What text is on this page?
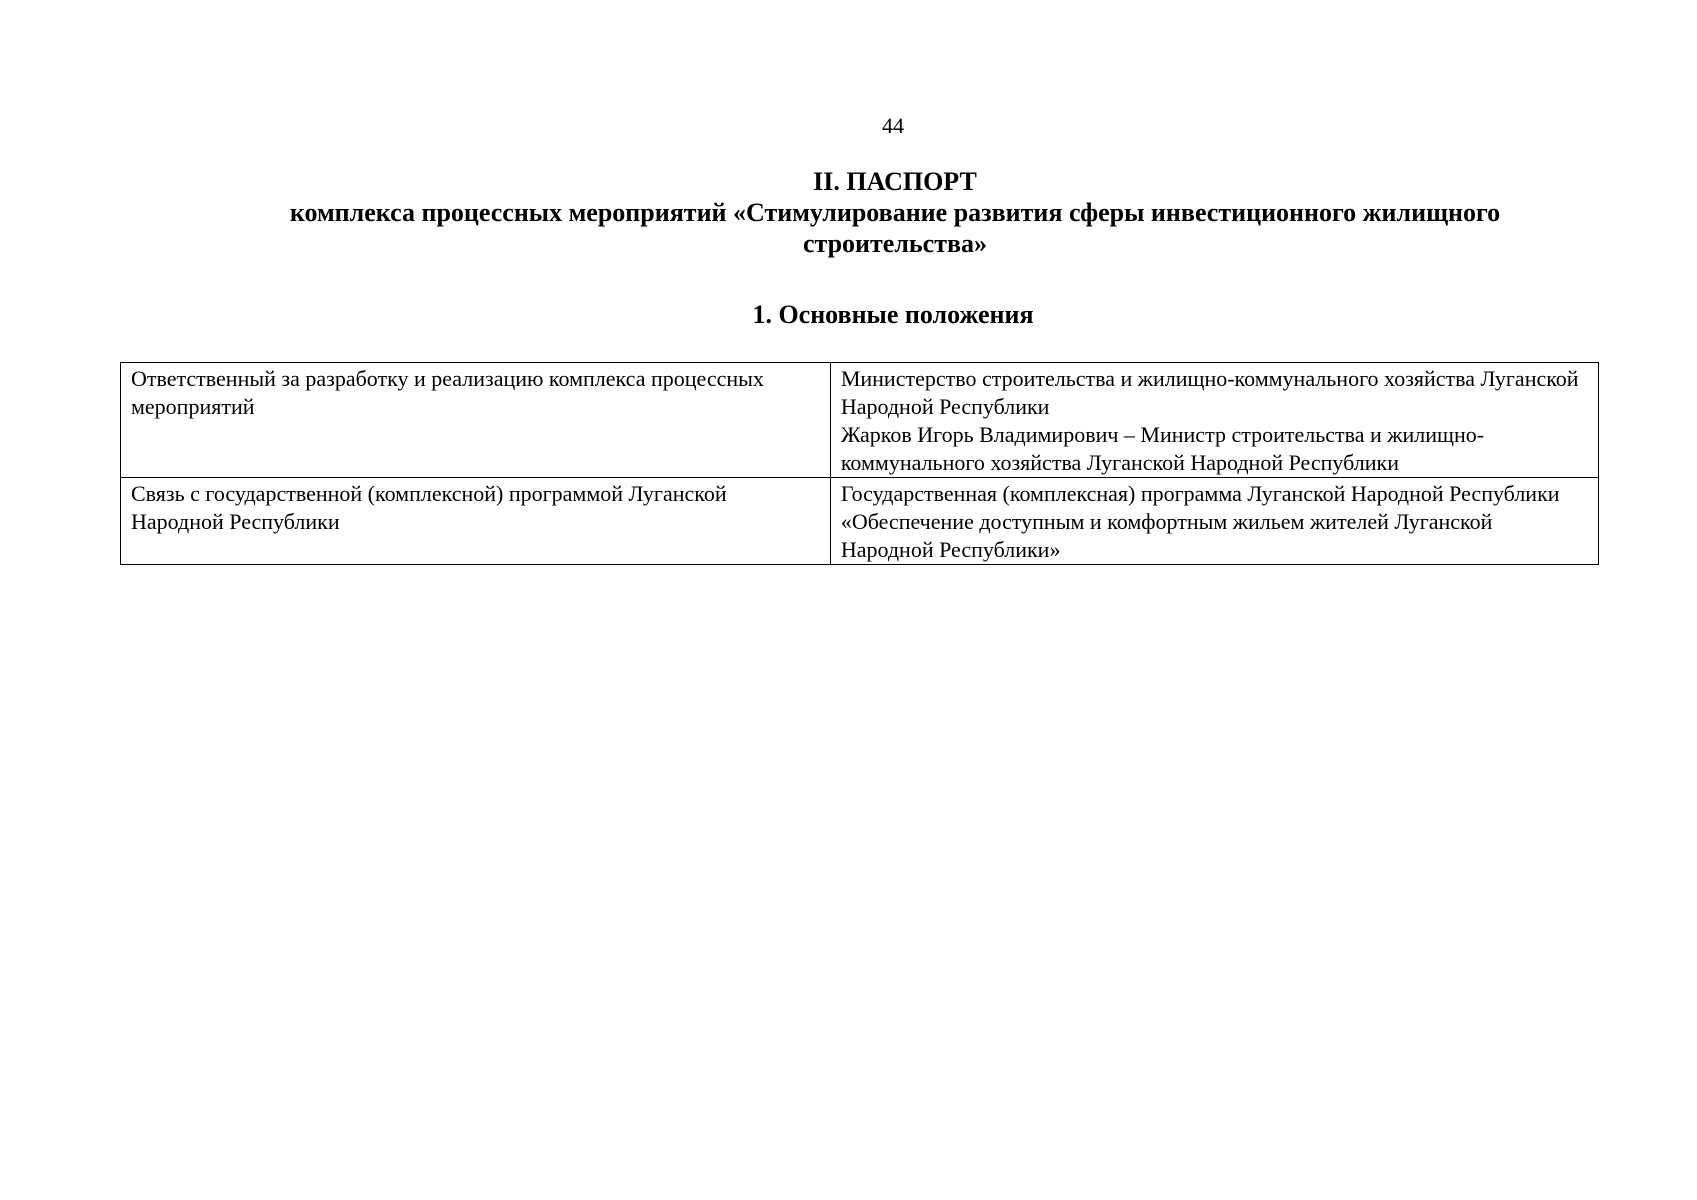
44
II. ПАСПОРТ
комплекса процессных мероприятий «Стимулирование развития сферы инвестиционного жилищного
строительства»
1. Основные положения
Ответственный за разработку и реализацию комплекса процессных мероприятий	Министерство строительства и жилищно-коммунального хозяйства Луганской Народной Республики
Жарков Игорь Владимирович – Министр строительства и жилищно-коммунального хозяйства Луганской Народной Республики

Связь с государственной (комплексной) программой Луганской Народной Республики	Государственная (комплексная) программа Луганской Народной Республики «Обеспечение доступным и комфортным жильем жителей Луганской Народной Республики»
